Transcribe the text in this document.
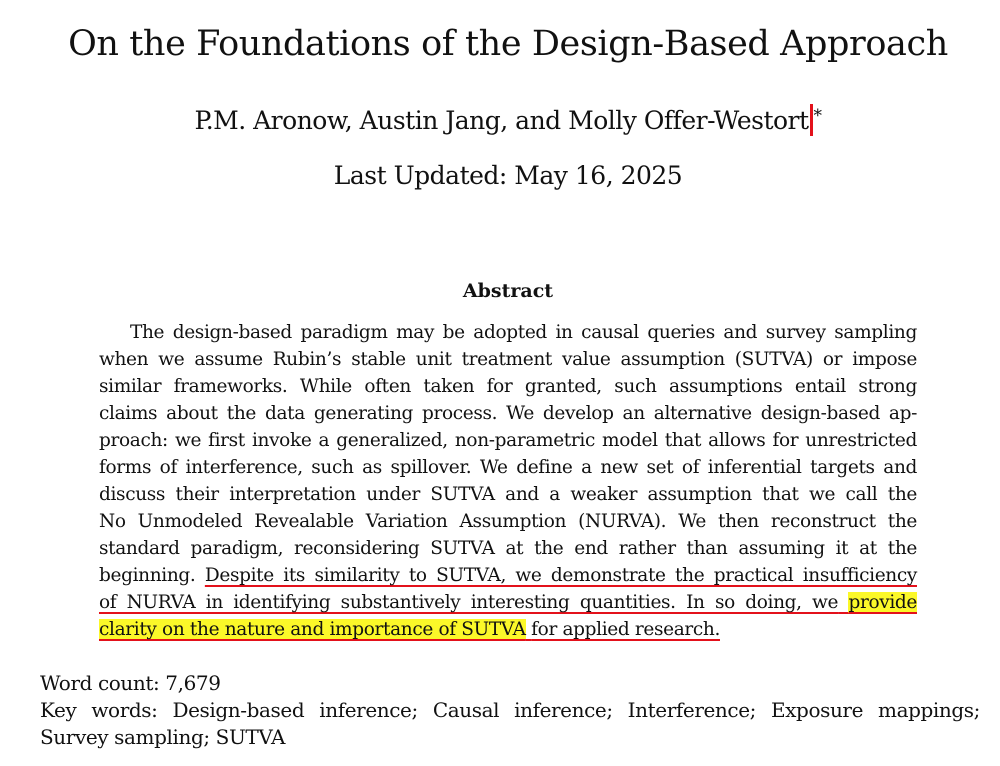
On the Foundations of the Design-Based Approach
P.M. Aronow, Austin Jang, and Molly Offer-Westort *
Last Updated: May 16, 2025
Abstract
The design-based paradigm may be adopted in causal queries and survey sampling
when we assume Rubin’s stable unit treatment value assumption (SUTVA) or impose
similar frameworks. While often taken for granted, such assumptions entail strong
claims about the data generating process. We develop an alternative design-based ap-
proach: we first invoke a generalized, non-parametric model that allows for unrestricted
forms of interference, such as spillover. We define a new set of inferential targets and
discuss their interpretation under SUTVA and a weaker assumption that we call the
No Unmodeled Revealable Variation Assumption (NURVA). We then reconstruct the
standard paradigm, reconsidering SUTVA at the end rather than assuming it at the
beginning. Despite its similarity to SUTVA, we demonstrate the practical insufficiency
of NURVA in identifying substantively interesting quantities. In so doing, we provide
clarity on the nature and importance of SUTVA for applied research.
Word count: 7,679
Key words: Design-based inference; Causal inference; Interference; Exposure mappings;
Survey sampling; SUTVA
